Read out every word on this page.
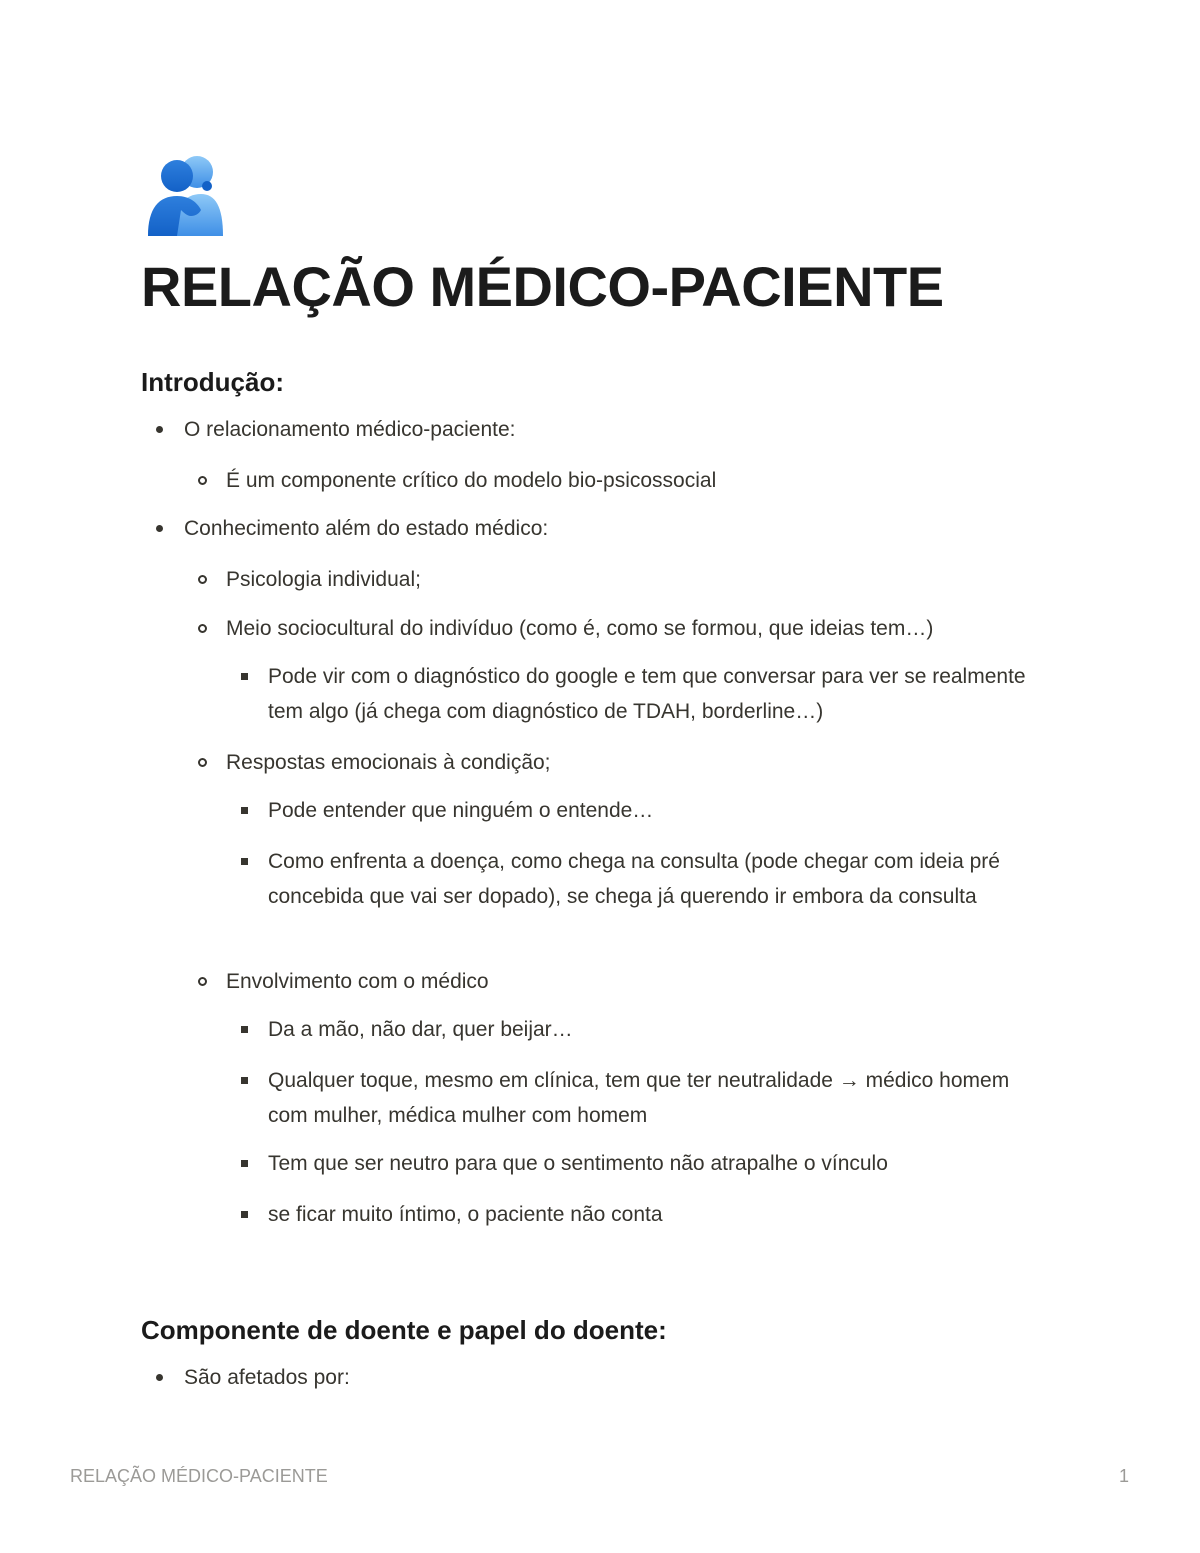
RELAÇÃO MÉDICO-PACIENTE
Introdução:
O relacionamento médico-paciente:
É um componente crítico do modelo bio-psicossocial
Conhecimento além do estado médico:
Psicologia individual;
Meio sociocultural do indivíduo (como é, como se formou, que ideias tem…)
Pode vir com o diagnóstico do google e tem que conversar para ver se realmente tem algo (já chega com diagnóstico de TDAH, borderline…)
Respostas emocionais à condição;
Pode entender que ninguém o entende…
Como enfrenta a doença, como chega na consulta (pode chegar com ideia pré concebida que vai ser dopado), se chega já querendo ir embora da consulta
Envolvimento com o médico
Da a mão, não dar, quer beijar…
Qualquer toque, mesmo em clínica, tem que ter neutralidade → médico homem com mulher, médica mulher com homem
Tem que ser neutro para que o sentimento não atrapalhe o vínculo
se ficar muito íntimo, o paciente não conta
Componente de doente e papel do doente:
São afetados por:
RELAÇÃO MÉDICO-PACIENTE	1
